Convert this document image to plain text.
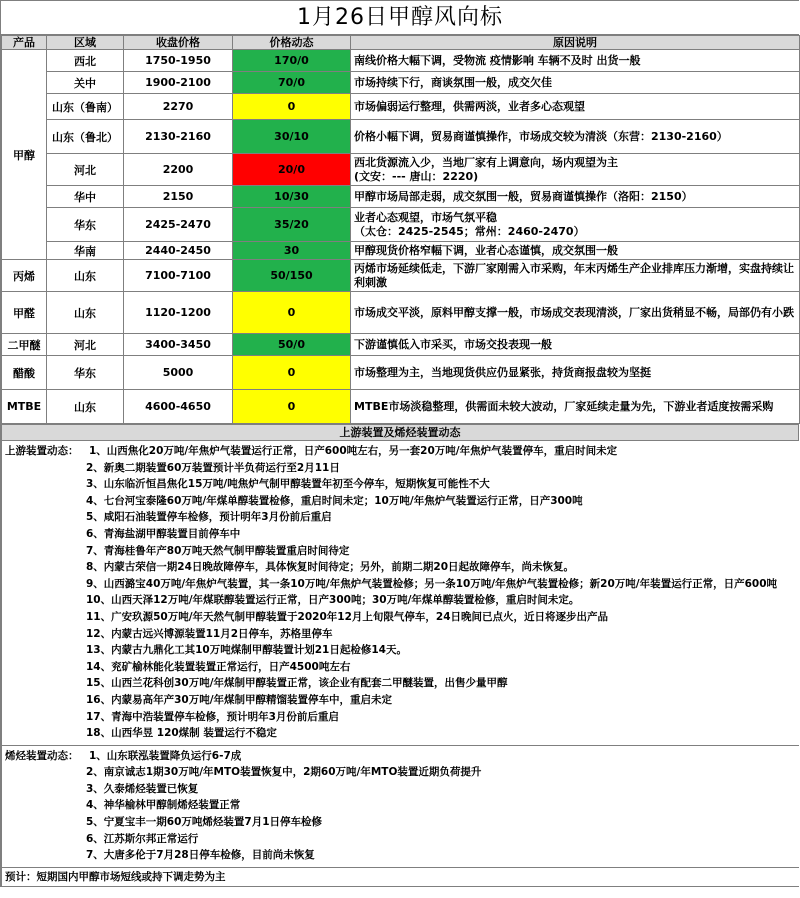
1月26日甲醇风向标
产品	区域	收盘价格	价格动态	原因说明
甲醇	西北	1750-1950	170/0	南线价格大幅下调，受物流 疫情影响 车辆不及时 出货一般

	关中	1900-2100	70/0	市场持续下行，商谈氛围一般，成交欠佳

	山东（鲁南）	2270	0	市场偏弱运行整理，供需两淡，业者多心态观望

	山东（鲁北）	2130-2160	30/10	价格小幅下调，贸易商谨慎操作，市场成交较为清淡（东营：2130-2160）

	河北	2200	20/0	西北货源流入少，当地厂家有上调意向，场内观望为主
(文安：--- 唐山：2220)

	华中	2150	10/30	甲醇市场局部走弱，成交氛围一般，贸易商谨慎操作（洛阳：2150）

	华东	2425-2470	35/20	业者心态观望，市场气氛平稳
（太仓：2425-2545；常州：2460-2470）

	华南	2440-2450	30	甲醇现货价格窄幅下调，业者心态谨慎，成交氛围一般

丙烯	山东	7100-7100	50/150	丙烯市场延续低走，下游厂家刚需入市采购，年末丙烯生产企业排库压力渐增，实盘持续让利刺激

甲醛	山东	1120-1200	0	市场成交平淡，原料甲醇支撑一般，市场成交表现清淡，厂家出货稍显不畅，局部仍有小跌

二甲醚	河北	3400-3450	50/0	下游谨慎低入市采买，市场交投表现一般

醋酸	华东	5000	0	市场整理为主，当地现货供应仍显紧张，持货商报盘较为坚挺

MTBE	山东	4600-4650	0	MTBE市场淡稳整理，供需面未较大波动，厂家延续走量为先，下游业者适度按需采购
上游装置及烯烃装置动态
上游装置动态： 1、山西焦化20万吨/年焦炉气装置运行正常，日产600吨左右，另一套20万吨/年焦炉气装置停车，重启时间未定
2、新奥二期装置60万装置预计半负荷运行至2月11日
3、山东临沂恒昌焦化15万吨/吨焦炉气制甲醇装置年初至今停车，短期恢复可能性不大
4、七台河宝泰隆60万吨/年煤单醇装置检修，重启时间未定；10万吨/年焦炉气装置运行正常，日产300吨
5、咸阳石油装置停车检修，预计明年3月份前后重启
6、青海盐湖甲醇装置目前停车中
7、青海桂鲁年产80万吨天然气制甲醇装置重启时间待定
8、内蒙古荣信一期24日晚故障停车，具体恢复时间待定；另外，前期二期20日起故障停车，尚未恢复。
9、山西潞宝40万吨/年焦炉气装置，其一条10万吨/年焦炉气装置检修；另一条10万吨/年焦炉气装置检修；新20万吨/年装置运行正常，日产600吨
10、山西天泽12万吨/年煤联醇装置运行正常，日产300吨；30万吨/年煤单醇装置检修，重启时间未定。
11、广安玖源50万吨/年天然气制甲醇装置于2020年12月上旬限气停车，24日晚间已点火，近日将逐步出产品
12、内蒙古远兴博源装置11月2日停车，苏格里停车
13、内蒙古九鼎化工其10万吨煤制甲醇装置计划21日起检修14天。
14、兖矿榆林能化装置装置正常运行，日产4500吨左右
15、山西兰花科创30万吨/年煤制甲醇装置正常，该企业有配套二甲醚装置，出售少量甲醇
16、内蒙易高年产30万吨/年煤制甲醇精馏装置停车中，重启未定
17、青海中浩装置停车检修，预计明年3月份前后重启
18、山西华昱 120煤制 装置运行不稳定
烯烃装置动态： 1、山东联泓装置降负运行6-7成
2、南京诚志1期30万吨/年MTO装置恢复中，2期60万吨/年MTO装置近期负荷提升
3、久泰烯烃装置已恢复
4、神华榆林甲醇制烯烃装置正常
5、宁夏宝丰一期60万吨烯烃装置7月1日停车检修
6、江苏斯尔邦正常运行
7、大唐多伦于7月28日停车检修，目前尚未恢复
预计：短期国内甲醇市场短线或持下调走势为主
